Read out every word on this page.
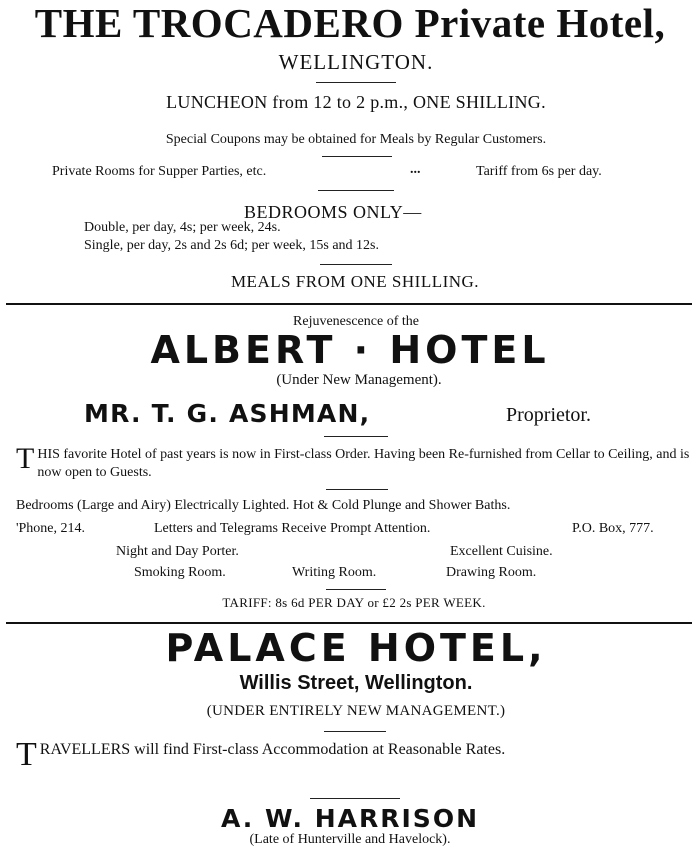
THE TROCADERO Private Hotel,
WELLINGTON.
LUNCHEON from 12 to 2 p.m., ONE SHILLING.
Special Coupons may be obtained for Meals by Regular Customers.
Private Rooms for Supper Parties, etc.	...	Tariff from 6s per day.
BEDROOMS ONLY—
Double, per day, 4s; per week, 24s.
Single, per day, 2s and 2s 6d; per week, 15s and 12s.
MEALS FROM ONE SHILLING.
Rejuvenescence of the
ALBERT · HOTEL
(Under New Management).
MR. T. G. ASHMAN,	Proprietor.
T HIS favorite Hotel of past years is now in First-class Order. Having been Re-furnished from Cellar to Ceiling, and is now open to Guests.
Bedrooms (Large and Airy) Electrically Lighted. Hot & Cold Plunge and Shower Baths.
'Phone, 214.	Letters and Telegrams Receive Prompt Attention.	P.O. Box, 777.
Night and Day Porter.	Excellent Cuisine.
Smoking Room.	Writing Room.	Drawing Room.
TARIFF: 8s 6d PER DAY or £2 2s PER WEEK.
PALACE HOTEL,
Willis Street, Wellington.
(UNDER ENTIRELY NEW MANAGEMENT.)
T RAVELLERS will find First-class Accommodation at Reasonable Rates.
A. W. HARRISON
(Late of Hunterville and Havelock).
